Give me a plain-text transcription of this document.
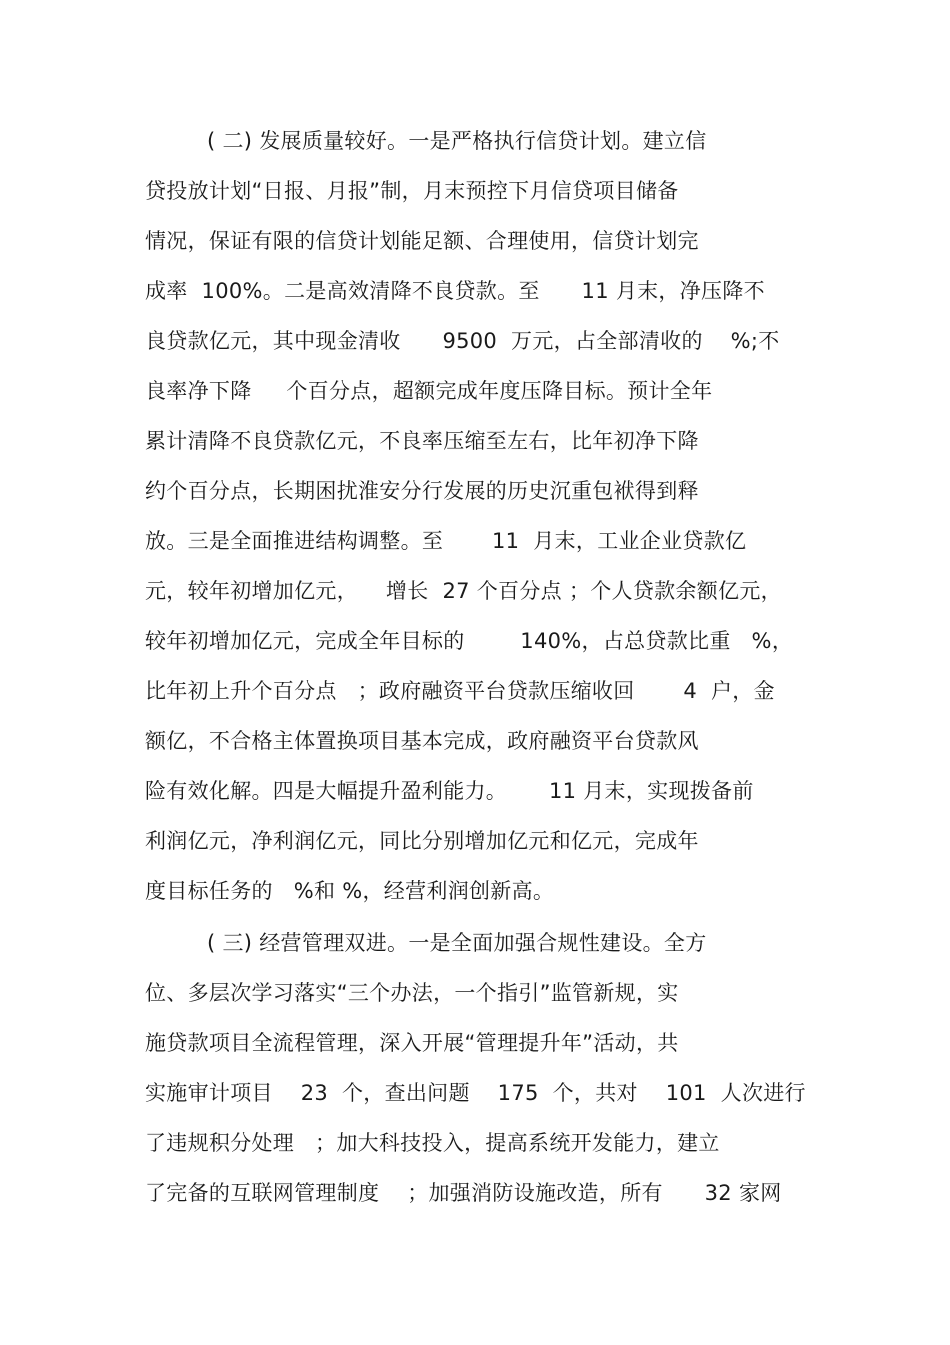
( 二) 发展质量较好。一是严格执行信贷计划。建立信
贷投放计划“日报、月报”制，月末预控下月信贷项目储备
情况，保证有限的信贷计划能足额、合理使用，信贷计划完
成率  100%。二是高效清降不良贷款。至      11 月末，净压降不
良贷款亿元，其中现金清收      9500  万元，占全部清收的    %;不
良率净下降     个百分点，超额完成年度压降目标。预计全年
累计清降不良贷款亿元，不良率压缩至左右，比年初净下降
约个百分点，长期困扰淮安分行发展的历史沉重包袱得到释
放。三是全面推进结构调整。至       11  月末，工业企业贷款亿
元，较年初增加亿元，    增长  27 个百分点 ；个人贷款余额亿元，
较年初增加亿元，完成全年目标的        140%，占总贷款比重   %，
比年初上升个百分点   ；政府融资平台贷款压缩收回       4  户，金
额亿，不合格主体置换项目基本完成，政府融资平台贷款风
险有效化解。四是大幅提升盈利能力。      11 月末，实现拨备前
利润亿元，净利润亿元，同比分别增加亿元和亿元，完成年
度目标任务的   %和 %，经营利润创新高。
( 三) 经营管理双进。一是全面加强合规性建设。全方
位、多层次学习落实“三个办法，一个指引”监管新规，实
施贷款项目全流程管理，深入开展“管理提升年”活动，共
实施审计项目    23  个，查出问题    175  个，共对    101  人次进行
了违规积分处理   ；加大科技投入，提高系统开发能力，建立
了完备的互联网管理制度    ；加强消防设施改造，所有      32 家网
